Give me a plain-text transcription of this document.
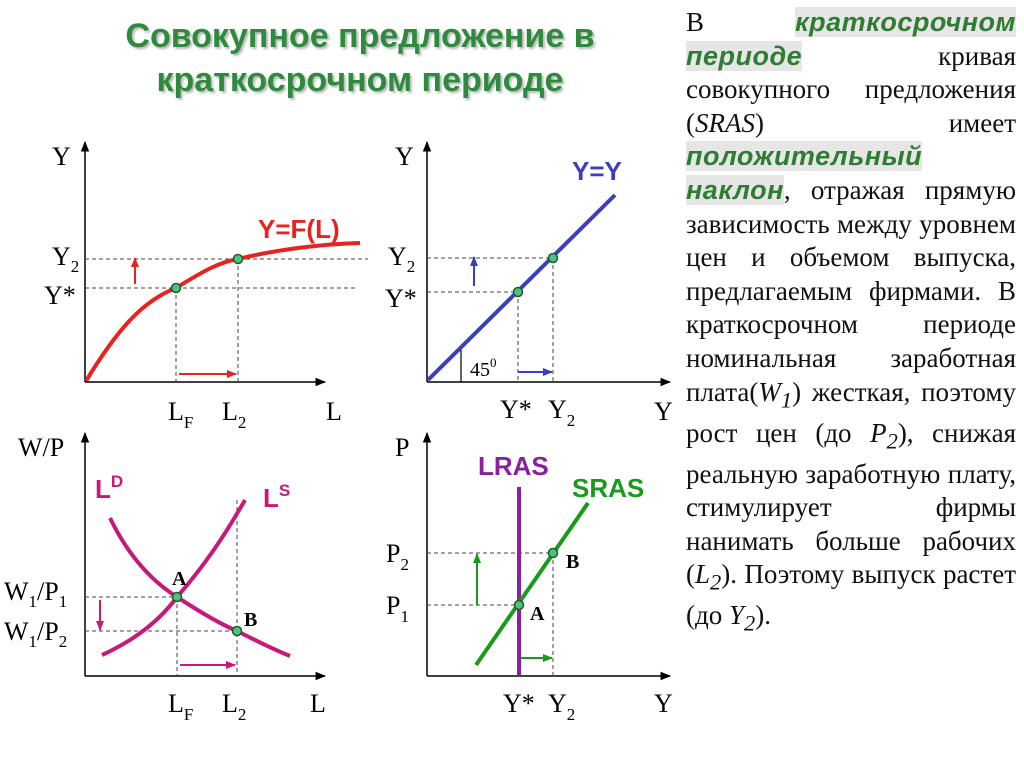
Совокупное предложение в
краткосрочном периоде
Y
L
Y=F(L)
$Y_2$
Y*
$L_F$ $L_2$
Y
Y
Y=Y
$45^0$
$Y_2$
Y*
Y* $Y_2$
W/P
L
$L^D$
$L^S$
A
B
$W_1/P_1$
$W_1/P_2$
$L_F$ $L_2$
P
Y
LRAS
SRAS
A
B
$P_2$
$P_1$
Y* $Y_2$
В краткосрочном периоде кривая совокупного предложения (SRAS) имеет положительный наклон, отражая прямую зависимость между уровнем цен и объемом выпуска, предлагаемым фирмами. В краткосрочном периоде номинальная заработная $плата(W_1)$ жесткая, поэтому рост цен (до $P_2$), снижая реальную заработную плату, стимулирует фирмы нанимать больше рабочих $(L_2)$. Поэтому выпуск растет (до $Y_2$).
